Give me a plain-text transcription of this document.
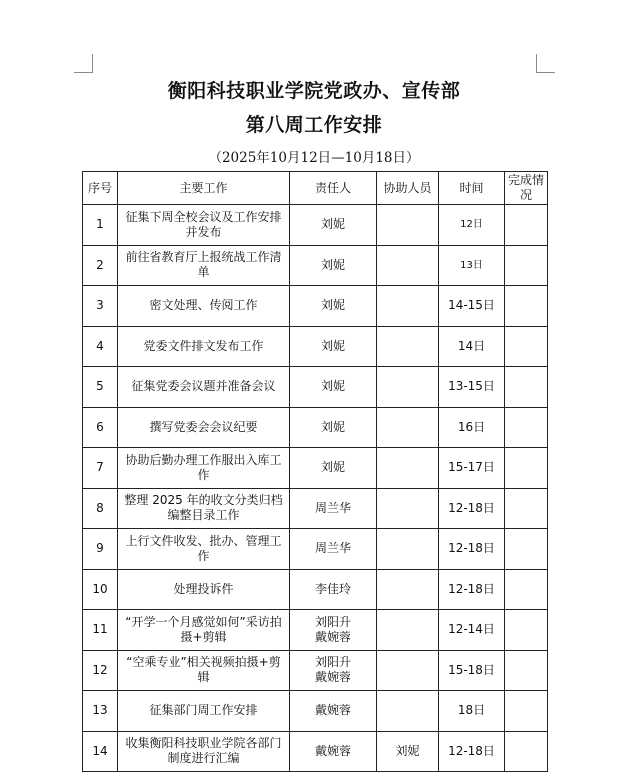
衡阳科技职业学院党政办、宣传部
第八周工作安排
（2025年10月12日—10月18日）
序号	主要工作	责任人	协助人员	时间	完成情况
1	征集下周全校会议及工作安排并发布	刘妮		12日	
2	前往省教育厅上报统战工作清单	刘妮		13日	
3	密文处理、传阅工作	刘妮		14-15日	
4	党委文件排文发布工作	刘妮		14日	
5	征集党委会议题并准备会议	刘妮		13-15日	
6	撰写党委会会议纪要	刘妮		16日	
7	协助后勤办理工作服出入库工作	刘妮		15-17日	
8	整理 2025 年的收文分类归档编整目录工作	周兰华		12-18日	
9	上行文件收发、批办、管理工作	周兰华		12-18日	
10	处理投诉件	李佳玲		12-18日	
11	“开学一个月感觉如何”采访拍摄+剪辑	刘阳升
戴婉蓉		12-14日	
12	“空乘专业”相关视频拍摄+剪辑	刘阳升
戴婉蓉		15-18日	
13	征集部门周工作安排	戴婉蓉		18日	
14	收集衡阳科技职业学院各部门制度进行汇编	戴婉蓉	刘妮	12-18日	
